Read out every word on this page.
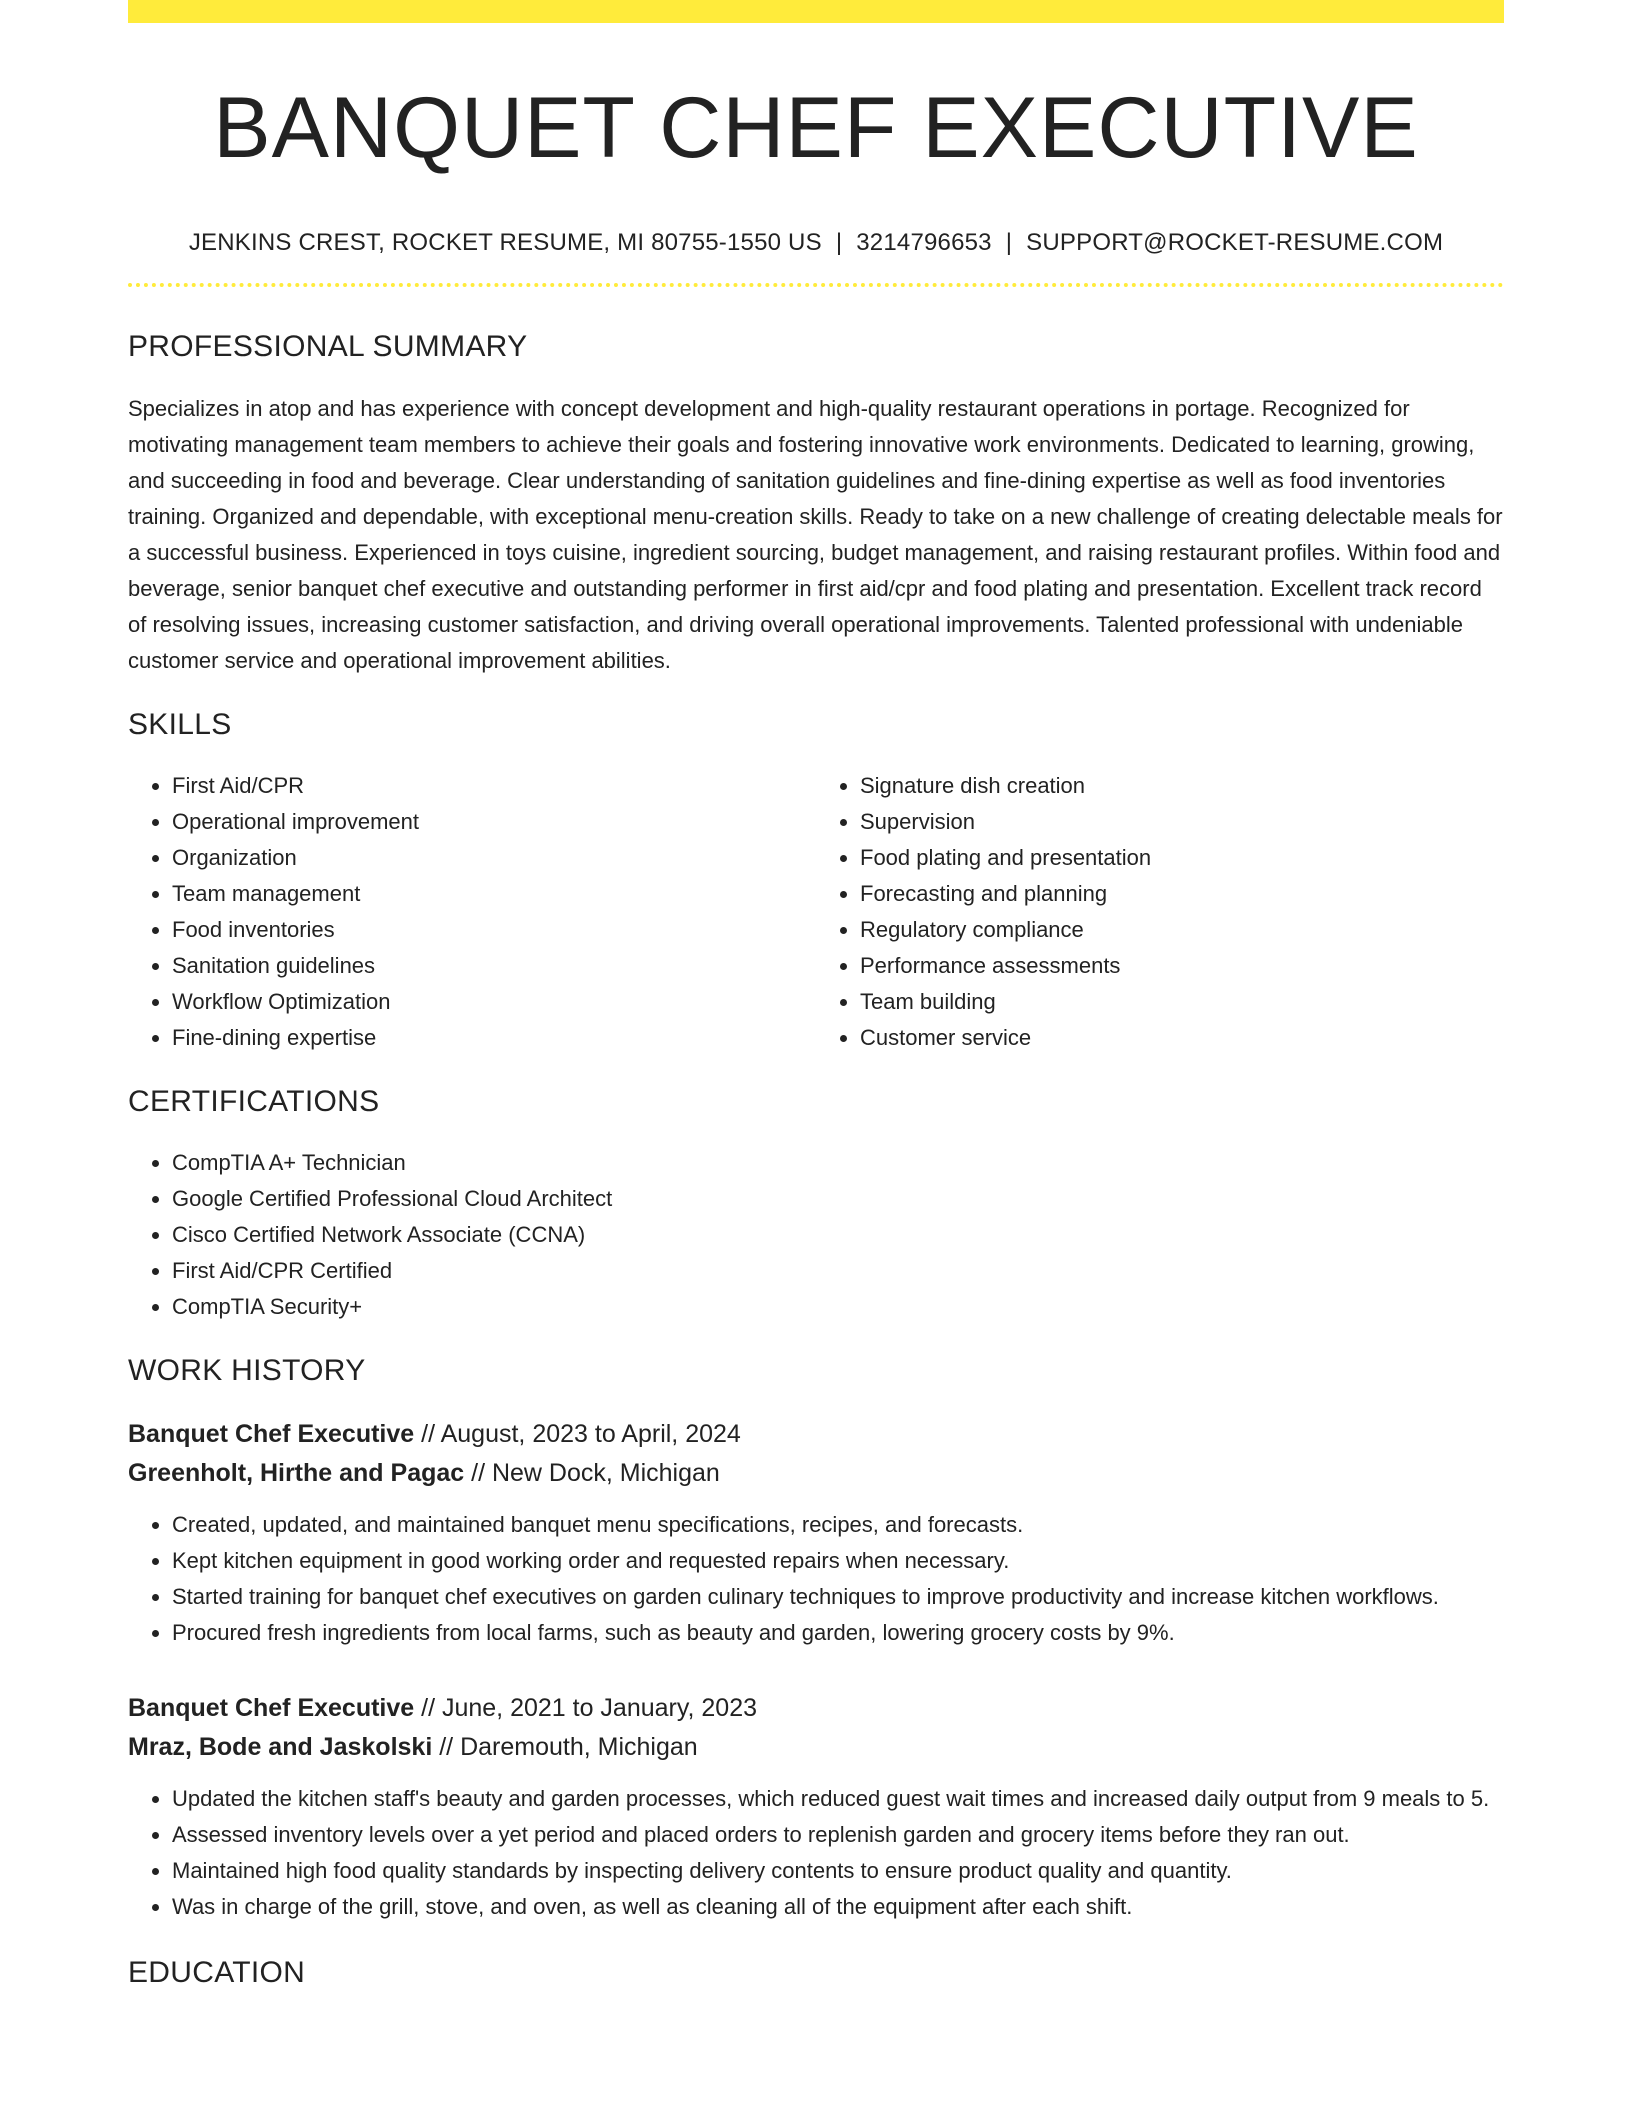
BANQUET CHEF EXECUTIVE
JENKINS CREST, ROCKET RESUME, MI 80755-1550 US | 3214796653 | SUPPORT@ROCKET-RESUME.COM
PROFESSIONAL SUMMARY

Specializes in atop and has experience with concept development and high-quality restaurant operations in portage. Recognized for motivating management team members to achieve their goals and fostering innovative work environments. Dedicated to learning, growing, and succeeding in food and beverage. Clear understanding of sanitation guidelines and fine-dining expertise as well as food inventories training. Organized and dependable, with exceptional menu-creation skills. Ready to take on a new challenge of creating delectable meals for a successful business. Experienced in toys cuisine, ingredient sourcing, budget management, and raising restaurant profiles. Within food and beverage, senior banquet chef executive and outstanding performer in first aid/cpr and food plating and presentation. Excellent track record of resolving issues, increasing customer satisfaction, and driving overall operational improvements. Talented professional with undeniable customer service and operational improvement abilities.

SKILLS
• First Aid/CPR
• Operational improvement
• Organization
• Team management
• Food inventories
• Sanitation guidelines
• Workflow Optimization
• Fine-dining expertise
• Signature dish creation
• Supervision
• Food plating and presentation
• Forecasting and planning
• Regulatory compliance
• Performance assessments
• Team building
• Customer service
CERTIFICATIONS
• CompTIA A+ Technician
• Google Certified Professional Cloud Architect
• Cisco Certified Network Associate (CCNA)
• First Aid/CPR Certified
• CompTIA Security+
WORK HISTORY
Banquet Chef Executive // August, 2023 to April, 2024
Greenholt, Hirthe and Pagac // New Dock, Michigan
• Created, updated, and maintained banquet menu specifications, recipes, and forecasts.
• Kept kitchen equipment in good working order and requested repairs when necessary.
• Started training for banquet chef executives on garden culinary techniques to improve productivity and increase kitchen workflows.
• Procured fresh ingredients from local farms, such as beauty and garden, lowering grocery costs by 9%.
Banquet Chef Executive // June, 2021 to January, 2023
Mraz, Bode and Jaskolski // Daremouth, Michigan
• Updated the kitchen staff's beauty and garden processes, which reduced guest wait times and increased daily output from 9 meals to 5.
• Assessed inventory levels over a yet period and placed orders to replenish garden and grocery items before they ran out.
• Maintained high food quality standards by inspecting delivery contents to ensure product quality and quantity.
• Was in charge of the grill, stove, and oven, as well as cleaning all of the equipment after each shift.
EDUCATION
